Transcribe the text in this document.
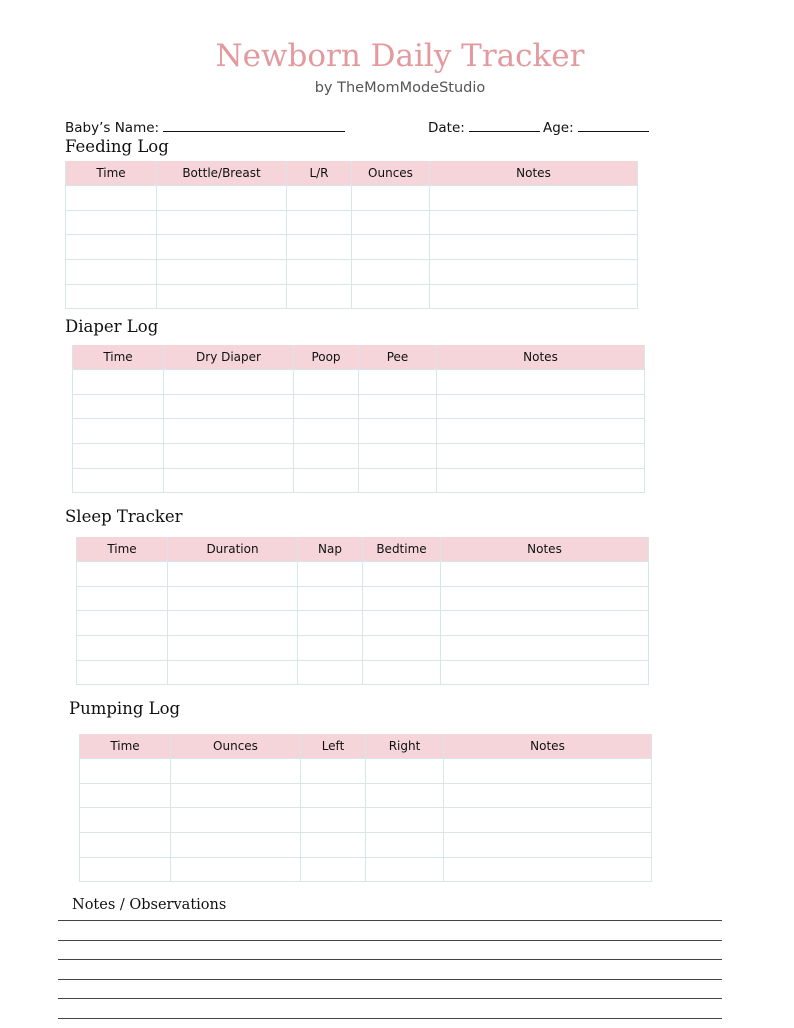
Newborn Daily Tracker
by TheMomModeStudio
Baby’s Name:	Date:	Age:
Feeding Log
Time	Bottle/Breast	L/R	Ounces	Notes

Diaper Log
Time	Dry Diaper	Poop	Pee	Notes

Sleep Tracker
Time	Duration	Nap	Bedtime	Notes

Pumping Log
Time	Ounces	Left	Right	Notes

Notes / Observations
